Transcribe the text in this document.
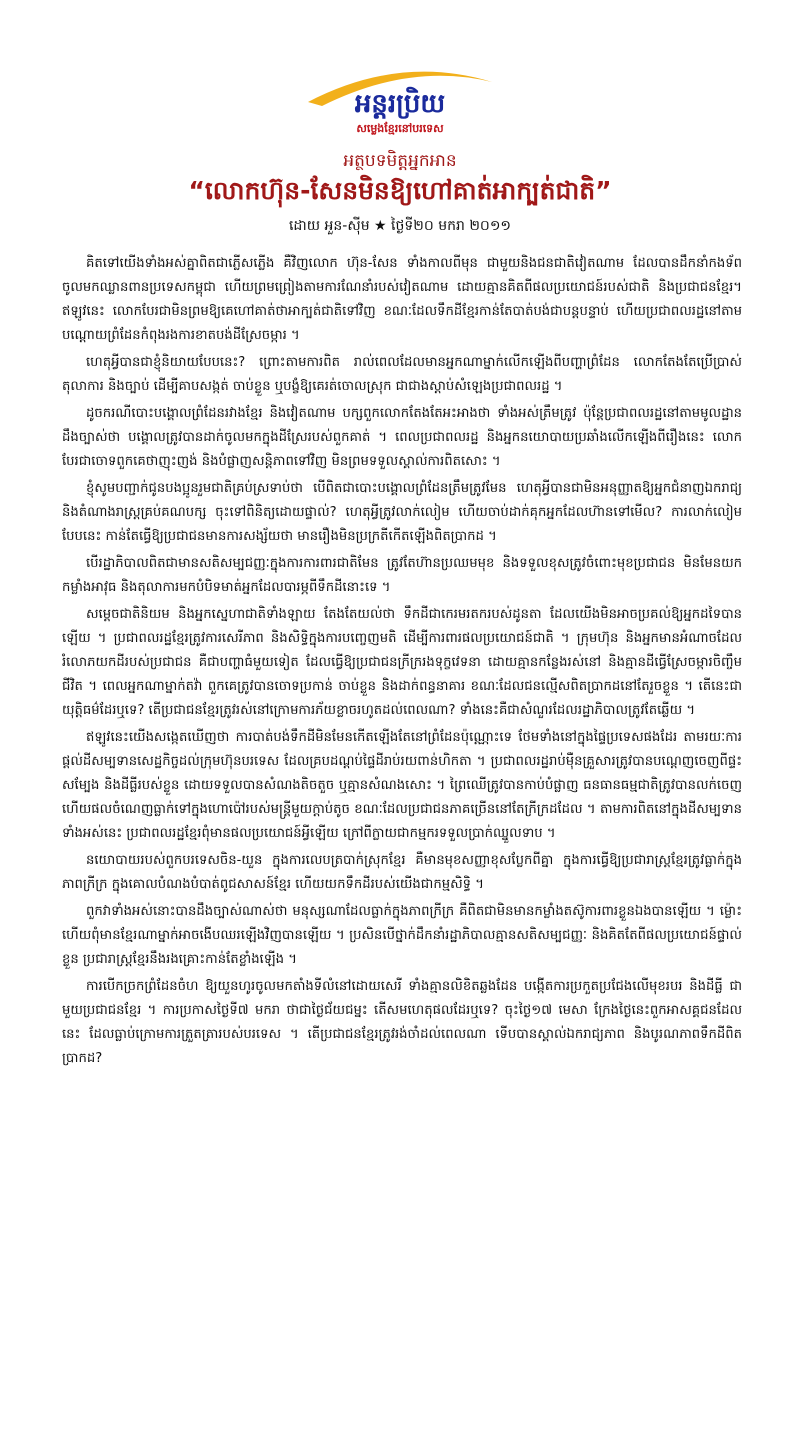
អន្តរប្រិយ
សម្លេងខ្មែរនៅបរទេស
អត្ថបទមិត្តអ្នកអាន
“លោកហ៊ុន-សែនមិនឱ្យហៅគាត់អាក្បត់ជាតិ”
ដោយ អួន-ស៊ីម ★ ថ្ងៃទី២០ មករា ២០១១

គិតទៅយើងទាំងអស់គ្នាពិតជាភ្លើសភ្លើង គឺវិញលោក ហ៊ុន-សែន ទាំងកាលពីមុន ជាមួយនិងជនជាតិវៀតណាម ដែលបានដឹកនាំកងទ័ពចូលមកឈ្លានពានប្រទេសកម្ពុជា ហើយព្រមព្រៀងតាមការណែនាំរបស់វៀតណាម ដោយគ្មានគិតពីផលប្រយោជន៍របស់ជាតិ និងប្រជាជនខ្មែរ។ ឥឡូវនេះ លោកបែរជាមិនព្រមឱ្យគេហៅគាត់ថាអាក្បត់ជាតិទៅវិញ ខណៈដែលទឹកដីខ្មែរកាន់តែបាត់បង់ជាបន្តបន្ទាប់ ហើយប្រជាពលរដ្ឋនៅតាមបណ្តោយព្រំដែនកំពុងរងការខាតបង់ដីស្រែចម្ការ ។

ហេតុអ្វីបានជាខ្ញុំនិយាយបែបនេះ? ព្រោះតាមការពិត រាល់ពេលដែលមានអ្នកណាម្នាក់លើកឡើងពីបញ្ហាព្រំដែន លោកតែងតែប្រើប្រាស់តុលាការ និងច្បាប់ ដើម្បីគាបសង្កត់ ចាប់ខ្លួន ឬបង្ខំឱ្យគេរត់ចោលស្រុក ជាជាងស្តាប់សំឡេងប្រជាពលរដ្ឋ ។

ដូចករណីបោះបង្គោលព្រំដែនរវាងខ្មែរ និងវៀតណាម បក្សពួកលោកតែងតែអះអាងថា ទាំងអស់ត្រឹមត្រូវ ប៉ុន្តែប្រជាពលរដ្ឋនៅតាមមូលដ្ឋានដឹងច្បាស់ថា បង្គោលត្រូវបានដាក់ចូលមកក្នុងដីស្រែរបស់ពួកគាត់ ។ ពេលប្រជាពលរដ្ឋ និងអ្នកនយោបាយប្រឆាំងលើកឡើងពីរឿងនេះ លោកបែរជាចោទពួកគេថាញុះញង់ និងបំផ្លាញសន្តិភាពទៅវិញ មិនព្រមទទួលស្គាល់ការពិតសោះ ។

ខ្ញុំសូមបញ្ជាក់ជូនបងប្អូនរួមជាតិគ្រប់ស្រទាប់ថា បើពិតជាបោះបង្គោលព្រំដែនត្រឹមត្រូវមែន ហេតុអ្វីបានជាមិនអនុញ្ញាតឱ្យអ្នកជំនាញឯករាជ្យ និងតំណាងរាស្ត្រគ្រប់គណបក្ស ចុះទៅពិនិត្យដោយផ្ទាល់? ហេតុអ្វីត្រូវលាក់លៀម ហើយចាប់ដាក់គុកអ្នកដែលហ៊ានទៅមើល? ការលាក់លៀមបែបនេះ កាន់តែធ្វើឱ្យប្រជាជនមានការសង្ស័យថា មានរឿងមិនប្រក្រតីកើតឡើងពិតប្រាកដ ។

បើរដ្ឋាភិបាលពិតជាមានសតិសម្បជញ្ញៈក្នុងការការពារជាតិមែន ត្រូវតែហ៊ានប្រឈមមុខ និងទទួលខុសត្រូវចំពោះមុខប្រជាជន មិនមែនយកកម្លាំងអាវុធ និងតុលាការមកបំបិទមាត់អ្នកដែលបារម្ភពីទឹកដីនោះទេ ។

សម្តេចជាតិនិយម និងអ្នកស្នេហាជាតិទាំងឡាយ តែងតែយល់ថា ទឹកដីជាកេរមរតករបស់ដូនតា ដែលយើងមិនអាចប្រគល់ឱ្យអ្នកដទៃបានឡើយ ។ ប្រជាពលរដ្ឋខ្មែរត្រូវការសេរីភាព និងសិទ្ធិក្នុងការបញ្ចេញមតិ ដើម្បីការពារផលប្រយោជន៍ជាតិ ។ ក្រុមហ៊ុន និងអ្នកមានអំណាចដែលរំលោភយកដីរបស់ប្រជាជន គឺជាបញ្ហាធំមួយទៀត ដែលធ្វើឱ្យប្រជាជនក្រីក្ររងទុក្ខវេទនា ដោយគ្មានកន្លែងរស់នៅ និងគ្មានដីធ្វើស្រែចម្ការចិញ្ចឹមជីវិត ។ ពេលអ្នកណាម្នាក់តវ៉ា ពួកគេត្រូវបានចោទប្រកាន់ ចាប់ខ្លួន និងដាក់ពន្ធនាគារ ខណៈដែលជនល្មើសពិតប្រាកដនៅតែរួចខ្លួន ។ តើនេះជាយុត្តិធម៌ដែរឬទេ? តើប្រជាជនខ្មែរត្រូវរស់នៅក្រោមការភ័យខ្លាចរហូតដល់ពេលណា? ទាំងនេះគឺជាសំណួរដែលរដ្ឋាភិបាលត្រូវតែឆ្លើយ ។

ឥឡូវនេះយើងសង្កេតឃើញថា ការបាត់បង់ទឹកដីមិនមែនកើតឡើងតែនៅព្រំដែនប៉ុណ្ណោះទេ ថែមទាំងនៅក្នុងផ្ទៃប្រទេសផងដែរ តាមរយៈការផ្តល់ដីសម្បទានសេដ្ឋកិច្ចដល់ក្រុមហ៊ុនបរទេស ដែលគ្របដណ្តប់ផ្ទៃដីរាប់រយពាន់ហិកតា ។ ប្រជាពលរដ្ឋរាប់ម៉ឺនគ្រួសារត្រូវបានបណ្តេញចេញពីផ្ទះសម្បែង និងដីធ្លីរបស់ខ្លួន ដោយទទួលបានសំណងតិចតួច ឬគ្មានសំណងសោះ ។ ព្រៃឈើត្រូវបានកាប់បំផ្លាញ ធនធានធម្មជាតិត្រូវបានលក់ចេញ ហើយផលចំណេញធ្លាក់ទៅក្នុងហោប៉ៅរបស់មន្ត្រីមួយក្តាប់តូច ខណៈដែលប្រជាជនភាគច្រើននៅតែក្រីក្រដដែល ។ តាមការពិតនៅក្នុងដីសម្បទានទាំងអស់នេះ ប្រជាពលរដ្ឋខ្មែរពុំមានផលប្រយោជន៍អ្វីឡើយ ក្រៅពីក្លាយជាកម្មករទទួលប្រាក់ឈ្នួលទាប ។

នយោបាយរបស់ពួកបរទេសចិន-យួន ក្នុងការលេបត្របាក់ស្រុកខ្មែរ គឺមានមុខសញ្ញាខុសប្លែកពីគ្នា ក្នុងការធ្វើឱ្យប្រជារាស្ត្រខ្មែរត្រូវធ្លាក់ក្នុងភាពក្រីក្រ ក្នុងគោលបំណងបំបាត់ពូជសាសន៍ខ្មែរ ហើយយកទឹកដីរបស់យើងជាកម្មសិទ្ធិ ។

ពួកវាទាំងអស់នោះបានដឹងច្បាស់ណាស់ថា មនុស្សណាដែលធ្លាក់ក្នុងភាពក្រីក្រ គឺពិតជាមិនមានកម្លាំងតស៊ូការពារខ្លួនឯងបានឡើយ ។ ម៉្លោះហើយពុំមានខ្មែរណាម្នាក់អាចងើបឈរឡើងវិញបានឡើយ ។ ប្រសិនបើថ្នាក់ដឹកនាំរដ្ឋាភិបាលគ្មានសតិសម្បជញ្ញៈ និងគិតតែពីផលប្រយោជន៍ផ្ទាល់ខ្លួន ប្រជារាស្ត្រខ្មែរនឹងរងគ្រោះកាន់តែខ្លាំងឡើង ។

ការបើកច្រកព្រំដែនចំហ ឱ្យយួនហូរចូលមកតាំងទីលំនៅដោយសេរី ទាំងគ្មានលិខិតឆ្លងដែន បង្កើតការប្រកួតប្រជែងលើមុខរបរ និងដីធ្លី ជាមួយប្រជាជនខ្មែរ ។ ការប្រកាសថ្ងៃទី៧ មករា ថាជាថ្ងៃជ័យជម្នះ តើសមហេតុផលដែរឬទេ? ចុះថ្ងៃ១៧ មេសា ក្រែងថ្ងៃនេះពួកអាសគ្គជនដែលនេះ ដែលធ្លាប់ក្រោមការត្រួតត្រារបស់បរទេស ។ តើប្រជាជនខ្មែរត្រូវរង់ចាំដល់ពេលណា ទើបបានស្គាល់ឯករាជ្យភាព និងបូរណភាពទឹកដីពិតប្រាកដ?
